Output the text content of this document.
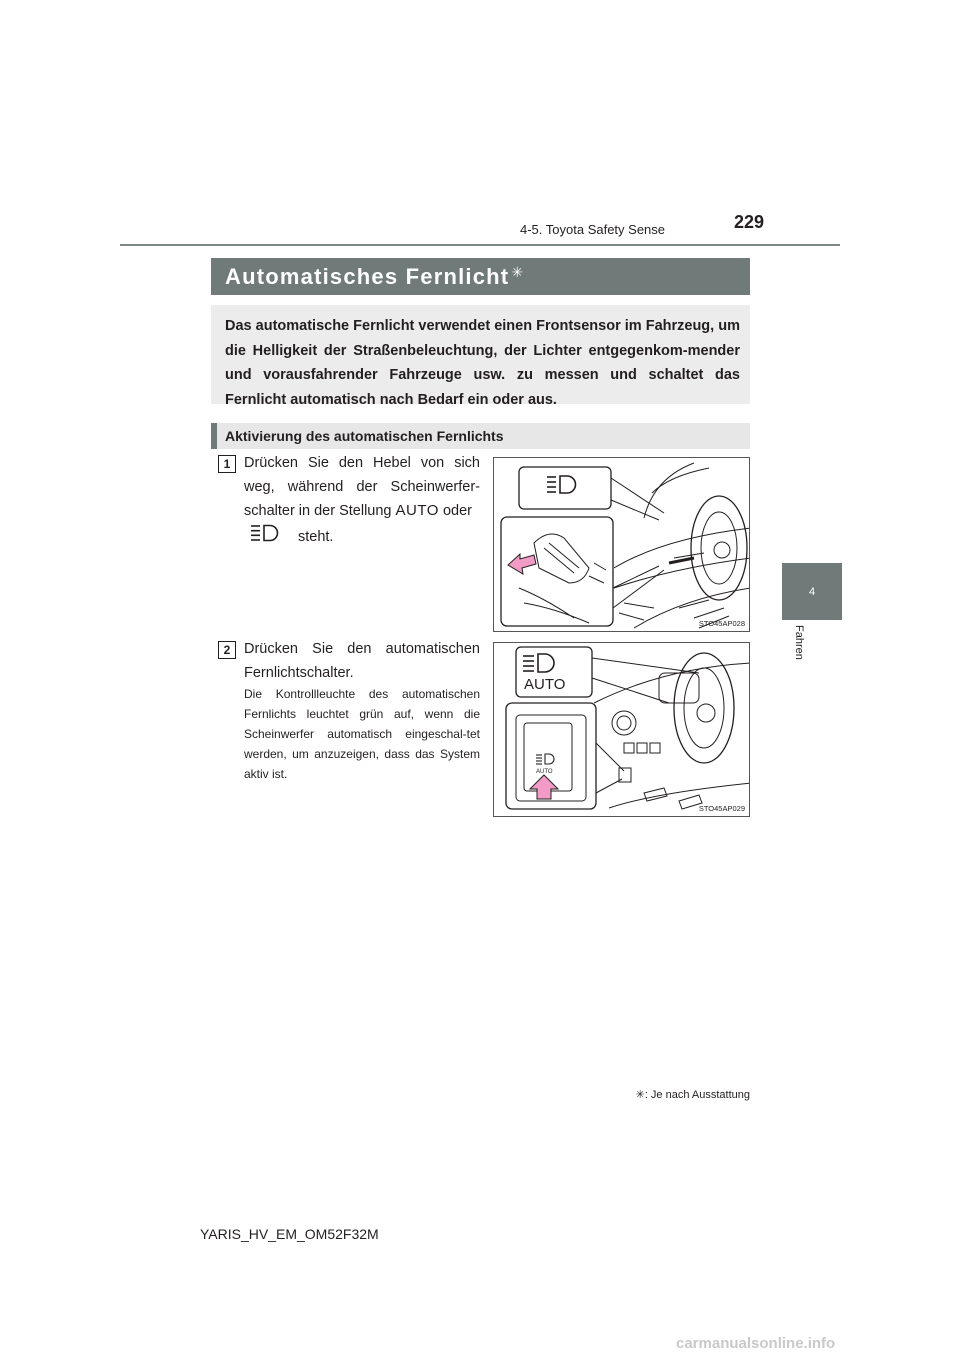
4-5. Toyota Safety Sense	229
4
Fahren
Automatisches Fernlicht✳
Das automatische Fernlicht verwendet einen Frontsensor im Fahrzeug, um die Helligkeit der Straßenbeleuchtung, der Lichter entgegenkom-mender und vorausfahrender Fahrzeuge usw. zu messen und schaltet das Fernlicht automatisch nach Bedarf ein oder aus.
Aktivierung des automatischen Fernlichts
1 Drücken Sie den Hebel von sich weg, während der Scheinwerfer-schalter in der Stellung AUTO oder
steht.
STO45AP028
2 Drücken Sie den automatischen Fernlichtschalter.
Die Kontrollleuchte des automatischen Fernlichts leuchtet grün auf, wenn die Scheinwerfer automatisch eingeschal-tet werden, um anzuzeigen, dass das System aktiv ist.
AUTO
AUTO
STO45AP029
✳: Je nach Ausstattung
YARIS_HV_EM_OM52F32M
carmanualsonline.info
